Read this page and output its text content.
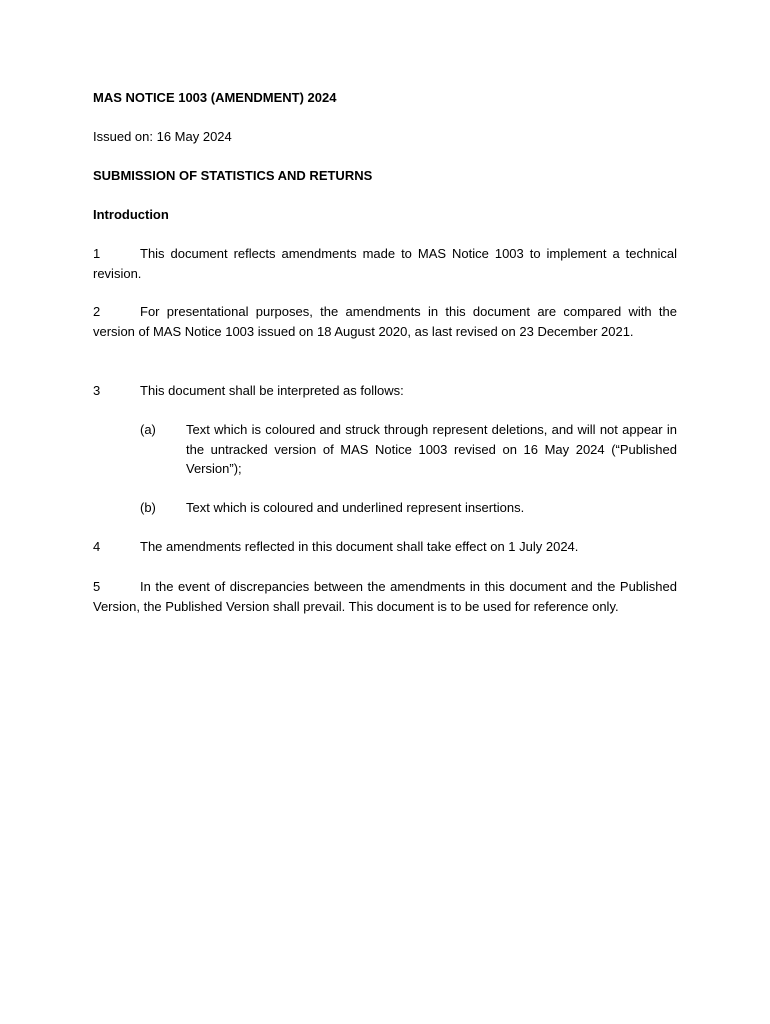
MAS NOTICE 1003 (AMENDMENT) 2024
Issued on: 16 May 2024
SUBMISSION OF STATISTICS AND RETURNS
Introduction
1	This document reflects amendments made to MAS Notice 1003 to implement a technical revision.
2	For presentational purposes, the amendments in this document are compared with the version of MAS Notice 1003 issued on 18 August 2020, as last revised on 23 December 2021.
3	This document shall be interpreted as follows:
(a)	Text which is coloured and struck through represent deletions, and will not appear in the untracked version of MAS Notice 1003 revised on 16 May 2024 (“Published Version”);
(b)	Text which is coloured and underlined represent insertions.
4	The amendments reflected in this document shall take effect on 1 July 2024.
5	In the event of discrepancies between the amendments in this document and the Published Version, the Published Version shall prevail. This document is to be used for reference only.
